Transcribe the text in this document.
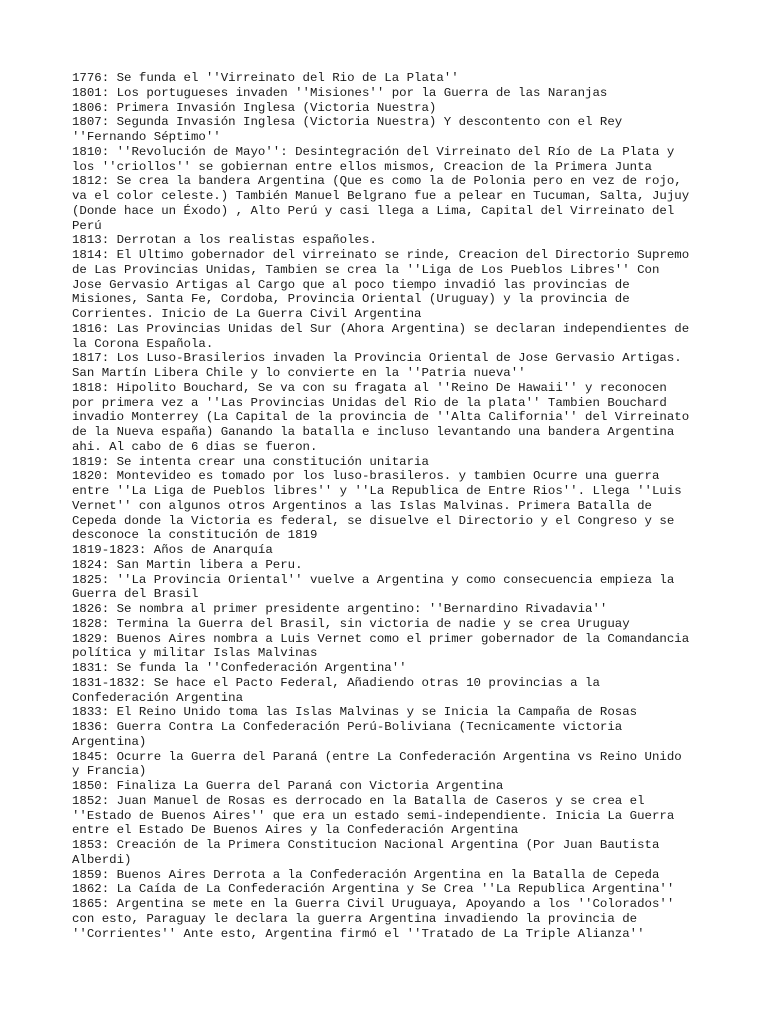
1776: Se funda el ''Virreinato del Rio de La Plata''

1801: Los portugueses invaden ''Misiones'' por la Guerra de las Naranjas

1806: Primera Invasión Inglesa (Victoria Nuestra)

1807: Segunda Invasión Inglesa (Victoria Nuestra) Y descontento con el Rey

''Fernando Séptimo''

1810: ''Revolución de Mayo'': Desintegración del Virreinato del Río de La Plata y

los ''criollos'' se gobiernan entre ellos mismos, Creacion de la Primera Junta

1812: Se crea la bandera Argentina (Que es como la de Polonia pero en vez de rojo,

va el color celeste.) También Manuel Belgrano fue a pelear en Tucuman, Salta, Jujuy

(Donde hace un Éxodo) , Alto Perú y casi llega a Lima, Capital del Virreinato del

Perú

1813: Derrotan a los realistas españoles.

1814: El Ultimo gobernador del virreinato se rinde, Creacion del Directorio Supremo

de Las Provincias Unidas, Tambien se crea la ''Liga de Los Pueblos Libres'' Con

Jose Gervasio Artigas al Cargo que al poco tiempo invadió las provincias de

Misiones, Santa Fe, Cordoba, Provincia Oriental (Uruguay) y la provincia de

Corrientes. Inicio de La Guerra Civil Argentina

1816: Las Provincias Unidas del Sur (Ahora Argentina) se declaran independientes de

la Corona Española.

1817: Los Luso-Brasilerios invaden la Provincia Oriental de Jose Gervasio Artigas.

San Martín Libera Chile y lo convierte en la ''Patria nueva''

1818: Hipolito Bouchard, Se va con su fragata al ''Reino De Hawaii'' y reconocen

por primera vez a ''Las Provincias Unidas del Rio de la plata'' Tambien Bouchard

invadio Monterrey (La Capital de la provincia de ''Alta California'' del Virreinato

de la Nueva españa) Ganando la batalla e incluso levantando una bandera Argentina

ahi. Al cabo de 6 dias se fueron.

1819: Se intenta crear una constitución unitaria

1820: Montevideo es tomado por los luso-brasileros. y tambien Ocurre una guerra

entre ''La Liga de Pueblos libres'' y ''La Republica de Entre Rios''. Llega ''Luis

Vernet'' con algunos otros Argentinos a las Islas Malvinas. Primera Batalla de

Cepeda donde la Victoria es federal, se disuelve el Directorio y el Congreso y se

desconoce la constitución de 1819

1819-1823: Años de Anarquía

1824: San Martin libera a Peru.

1825: ''La Provincia Oriental'' vuelve a Argentina y como consecuencia empieza la

Guerra del Brasil

1826: Se nombra al primer presidente argentino: ''Bernardino Rivadavia''

1828: Termina la Guerra del Brasil, sin victoria de nadie y se crea Uruguay

1829: Buenos Aires nombra a Luis Vernet como el primer gobernador de la Comandancia

política y militar Islas Malvinas

1831: Se funda la ''Confederación Argentina''

1831-1832: Se hace el Pacto Federal, Añadiendo otras 10 provincias a la

Confederación Argentina

1833: El Reino Unido toma las Islas Malvinas y se Inicia la Campaña de Rosas

1836: Guerra Contra La Confederación Perú-Boliviana (Tecnicamente victoria

Argentina)

1845: Ocurre la Guerra del Paraná (entre La Confederación Argentina vs Reino Unido

y Francia)

1850: Finaliza La Guerra del Paraná con Victoria Argentina

1852: Juan Manuel de Rosas es derrocado en la Batalla de Caseros y se crea el

''Estado de Buenos Aires'' que era un estado semi-independiente. Inicia La Guerra

entre el Estado De Buenos Aires y la Confederación Argentina

1853: Creación de la Primera Constitucion Nacional Argentina (Por Juan Bautista

Alberdi)

1859: Buenos Aires Derrota a la Confederación Argentina en la Batalla de Cepeda

1862: La Caída de La Confederación Argentina y Se Crea ''La Republica Argentina''

1865: Argentina se mete en la Guerra Civil Uruguaya, Apoyando a los ''Colorados''

con esto, Paraguay le declara la guerra Argentina invadiendo la provincia de

''Corrientes'' Ante esto, Argentina firmó el ''Tratado de La Triple Alianza''
